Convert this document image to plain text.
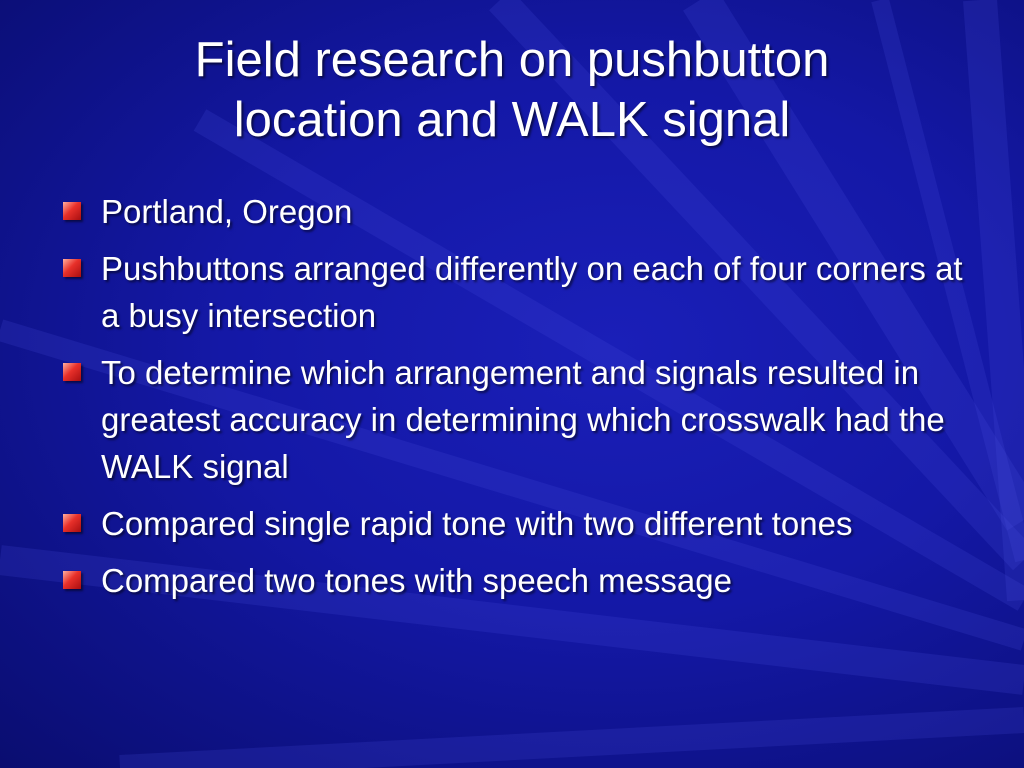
Field research on pushbutton
location and WALK signal
Portland, Oregon
Pushbuttons arranged differently on each of four corners at a busy intersection
To determine which arrangement and signals resulted in greatest accuracy in determining which crosswalk had the WALK signal
Compared single rapid tone with two different tones
Compared two tones with speech message
